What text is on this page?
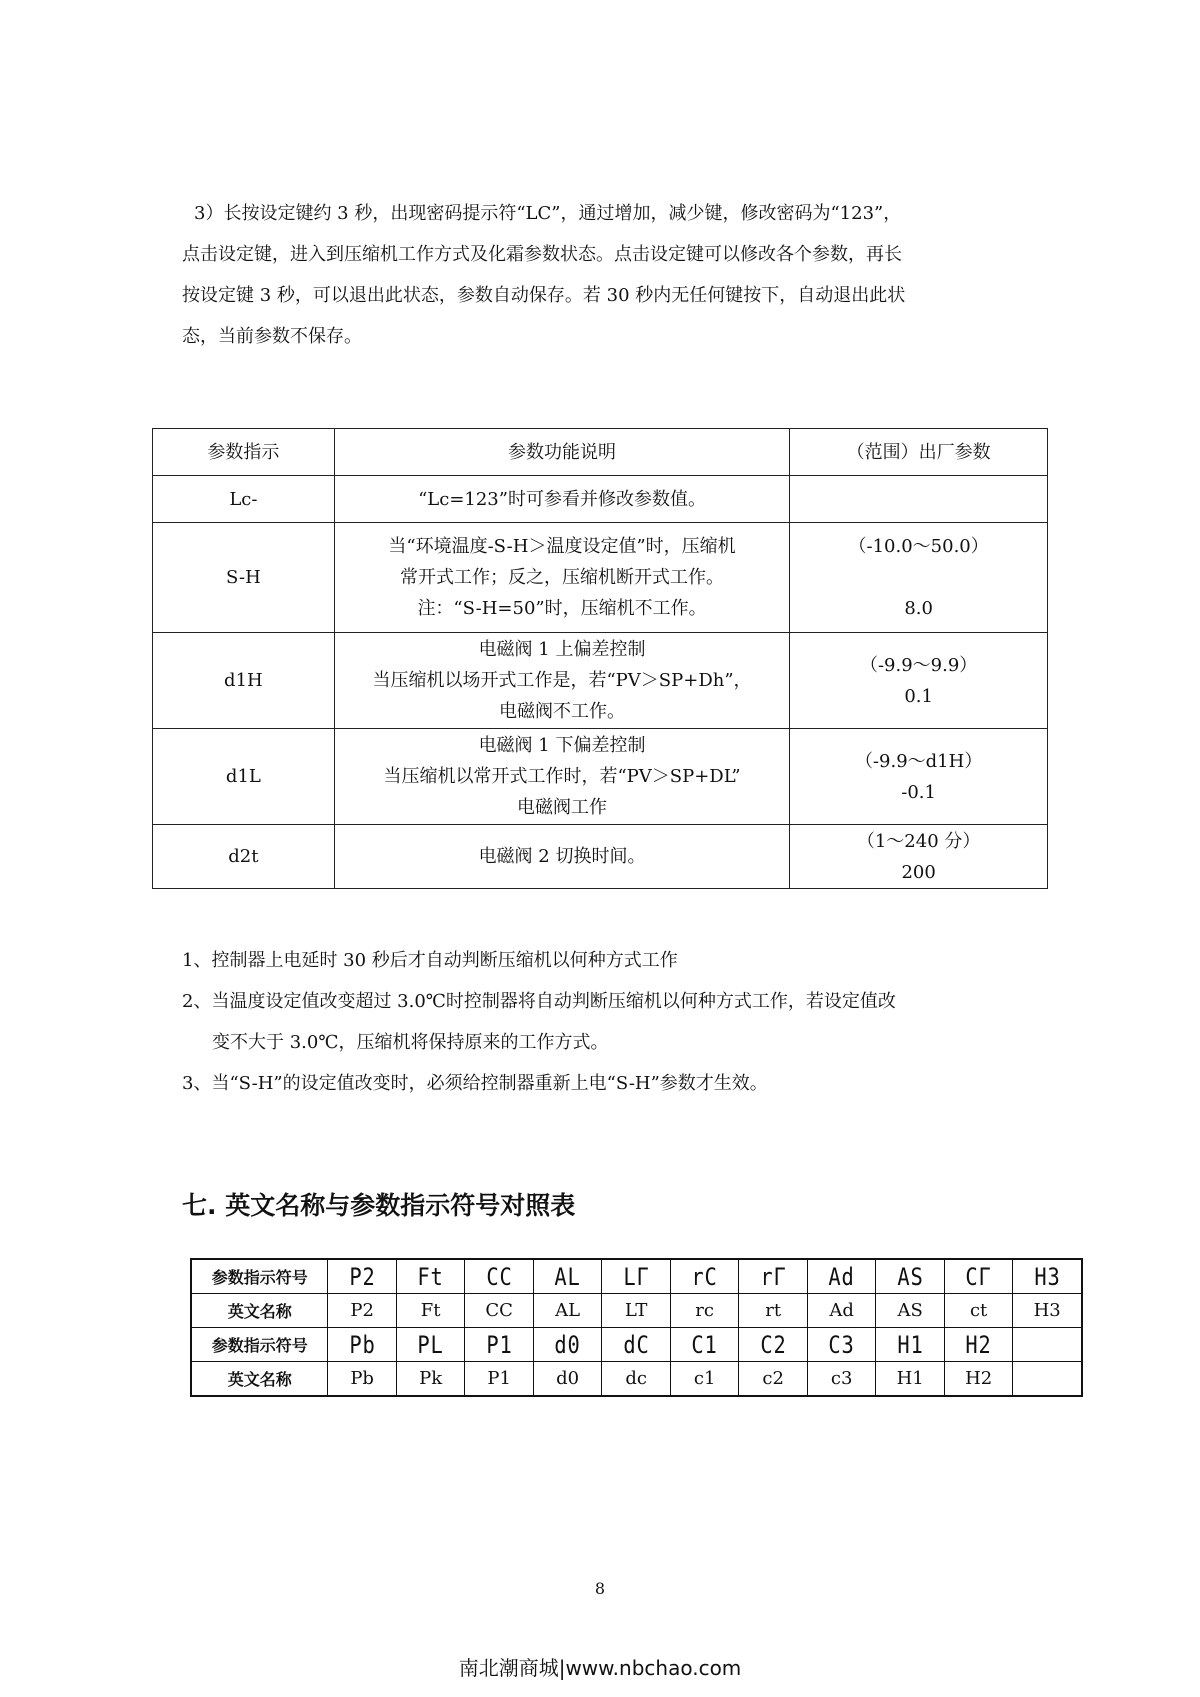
3）长按设定键约 3 秒，出现密码提示符“LC”，通过增加，减少键，修改密码为“123”，

点击设定键，进入到压缩机工作方式及化霜参数状态。点击设定键可以修改各个参数，再长

按设定键 3 秒，可以退出此状态，参数自动保存。若 30 秒内无任何键按下，自动退出此状

态，当前参数不保存。

参数指示	参数功能说明	（范围）出厂参数
Lc-	“Lc=123”时可参看并修改参数值。	

S-H	当“环境温度-S-H＞温度设定值”时，压缩机
常开式工作；反之，压缩机断开式工作。
注：“S-H=50”时，压缩机不工作。	（-10.0～50.0）
8.0

d1H	电磁阀 1 上偏差控制
当压缩机以场开式工作是，若“PV＞SP+Dh”，
电磁阀不工作。	（-9.9～9.9）
0.1

d1L	电磁阀 1 下偏差控制
当压缩机以常开式工作时，若“PV＞SP+DL”
电磁阀工作	（-9.9～d1H）
-0.1

d2t	电磁阀 2 切换时间。	（1～240 分）
200
1、控制器上电延时 30 秒后才自动判断压缩机以何种方式工作
2、当温度设定值改变超过 3.0℃时控制器将自动判断压缩机以何种方式工作，若设定值改
变不大于 3.0℃，压缩机将保持原来的工作方式。
3、当“S-H”的设定值改变时，必须给控制器重新上电“S-H”参数才生效。
七. 英文名称与参数指示符号对照表
参数指示符号	P2	Ft	CC	AL	LΓ	rC	rΓ	Ad	AS	CΓ	H3
英文名称	P2	Ft	CC	AL	LT	rc	rt	Ad	AS	ct	H3
参数指示符号	Pb	PL	P1	d0	dC	C1	C2	C3	H1	H2	
英文名称	Pb	Pk	P1	d0	dc	c1	c2	c3	H1	H2	

8

南北潮商城|www.nbchao.com
